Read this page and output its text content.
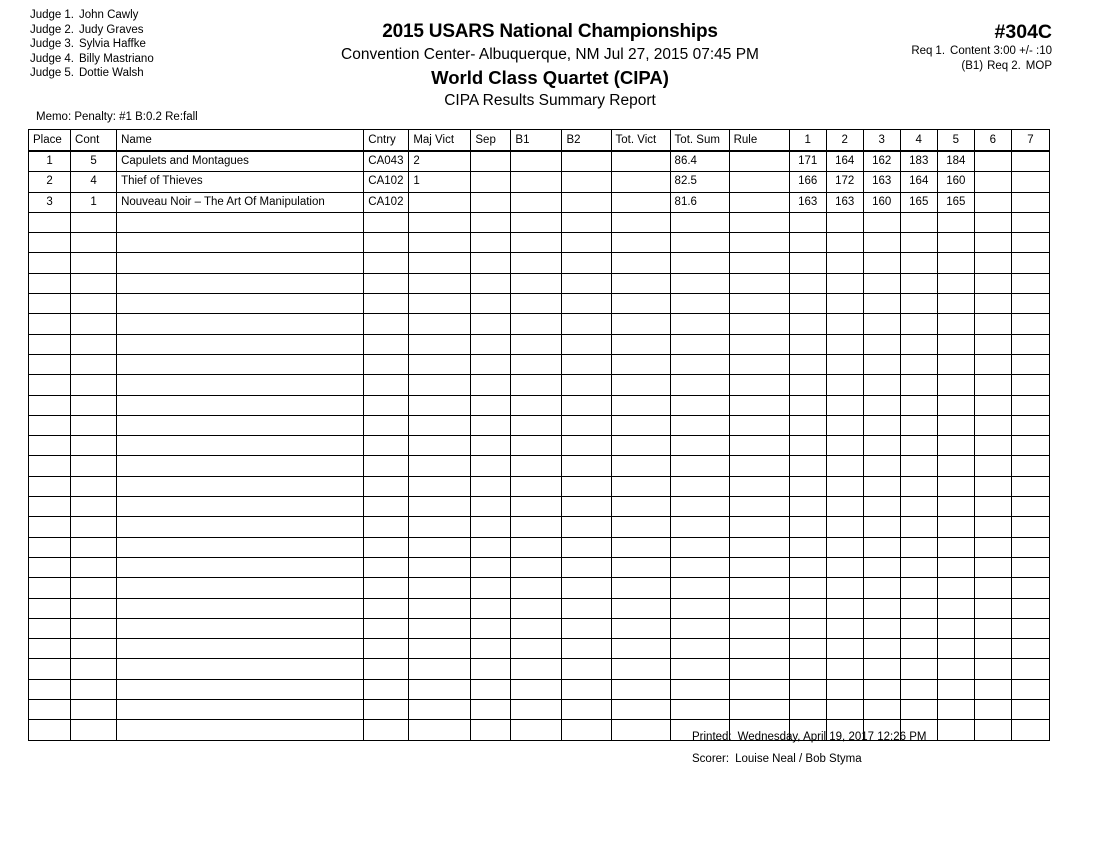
Judge 1. John Cawly
Judge 2. Judy Graves
Judge 3. Sylvia Haffke
Judge 4. Billy Mastriano
Judge 5. Dottie Walsh
2015 USARS National Championships
Convention Center- Albuquerque, NM Jul 27, 2015 07:45 PM
World Class Quartet (CIPA)
CIPA Results Summary Report
#304C
Req 1. Content 3:00 +/- :10
(B1) Req 2. MOP
Memo: Penalty: #1 B:0.2 Re:fall
Place	Cont	Name	Cntry	Maj Vict	Sep	B1	B2	Tot. Vict	Tot. Sum	Rule	1	2	3	4	5	6	7
1	5	Capulets and Montagues	CA043	2					86.4		171	164	162	183	184		
2	4	Thief of Thieves	CA102	1					82.5		166	172	163	164	160		
3	1	Nouveau Noir – The Art Of Manipulation	CA102						81.6		163	163	160	165	165		

Printed: Wednesday, April 19, 2017 12:26 PM
Scorer: Louise Neal / Bob Styma
